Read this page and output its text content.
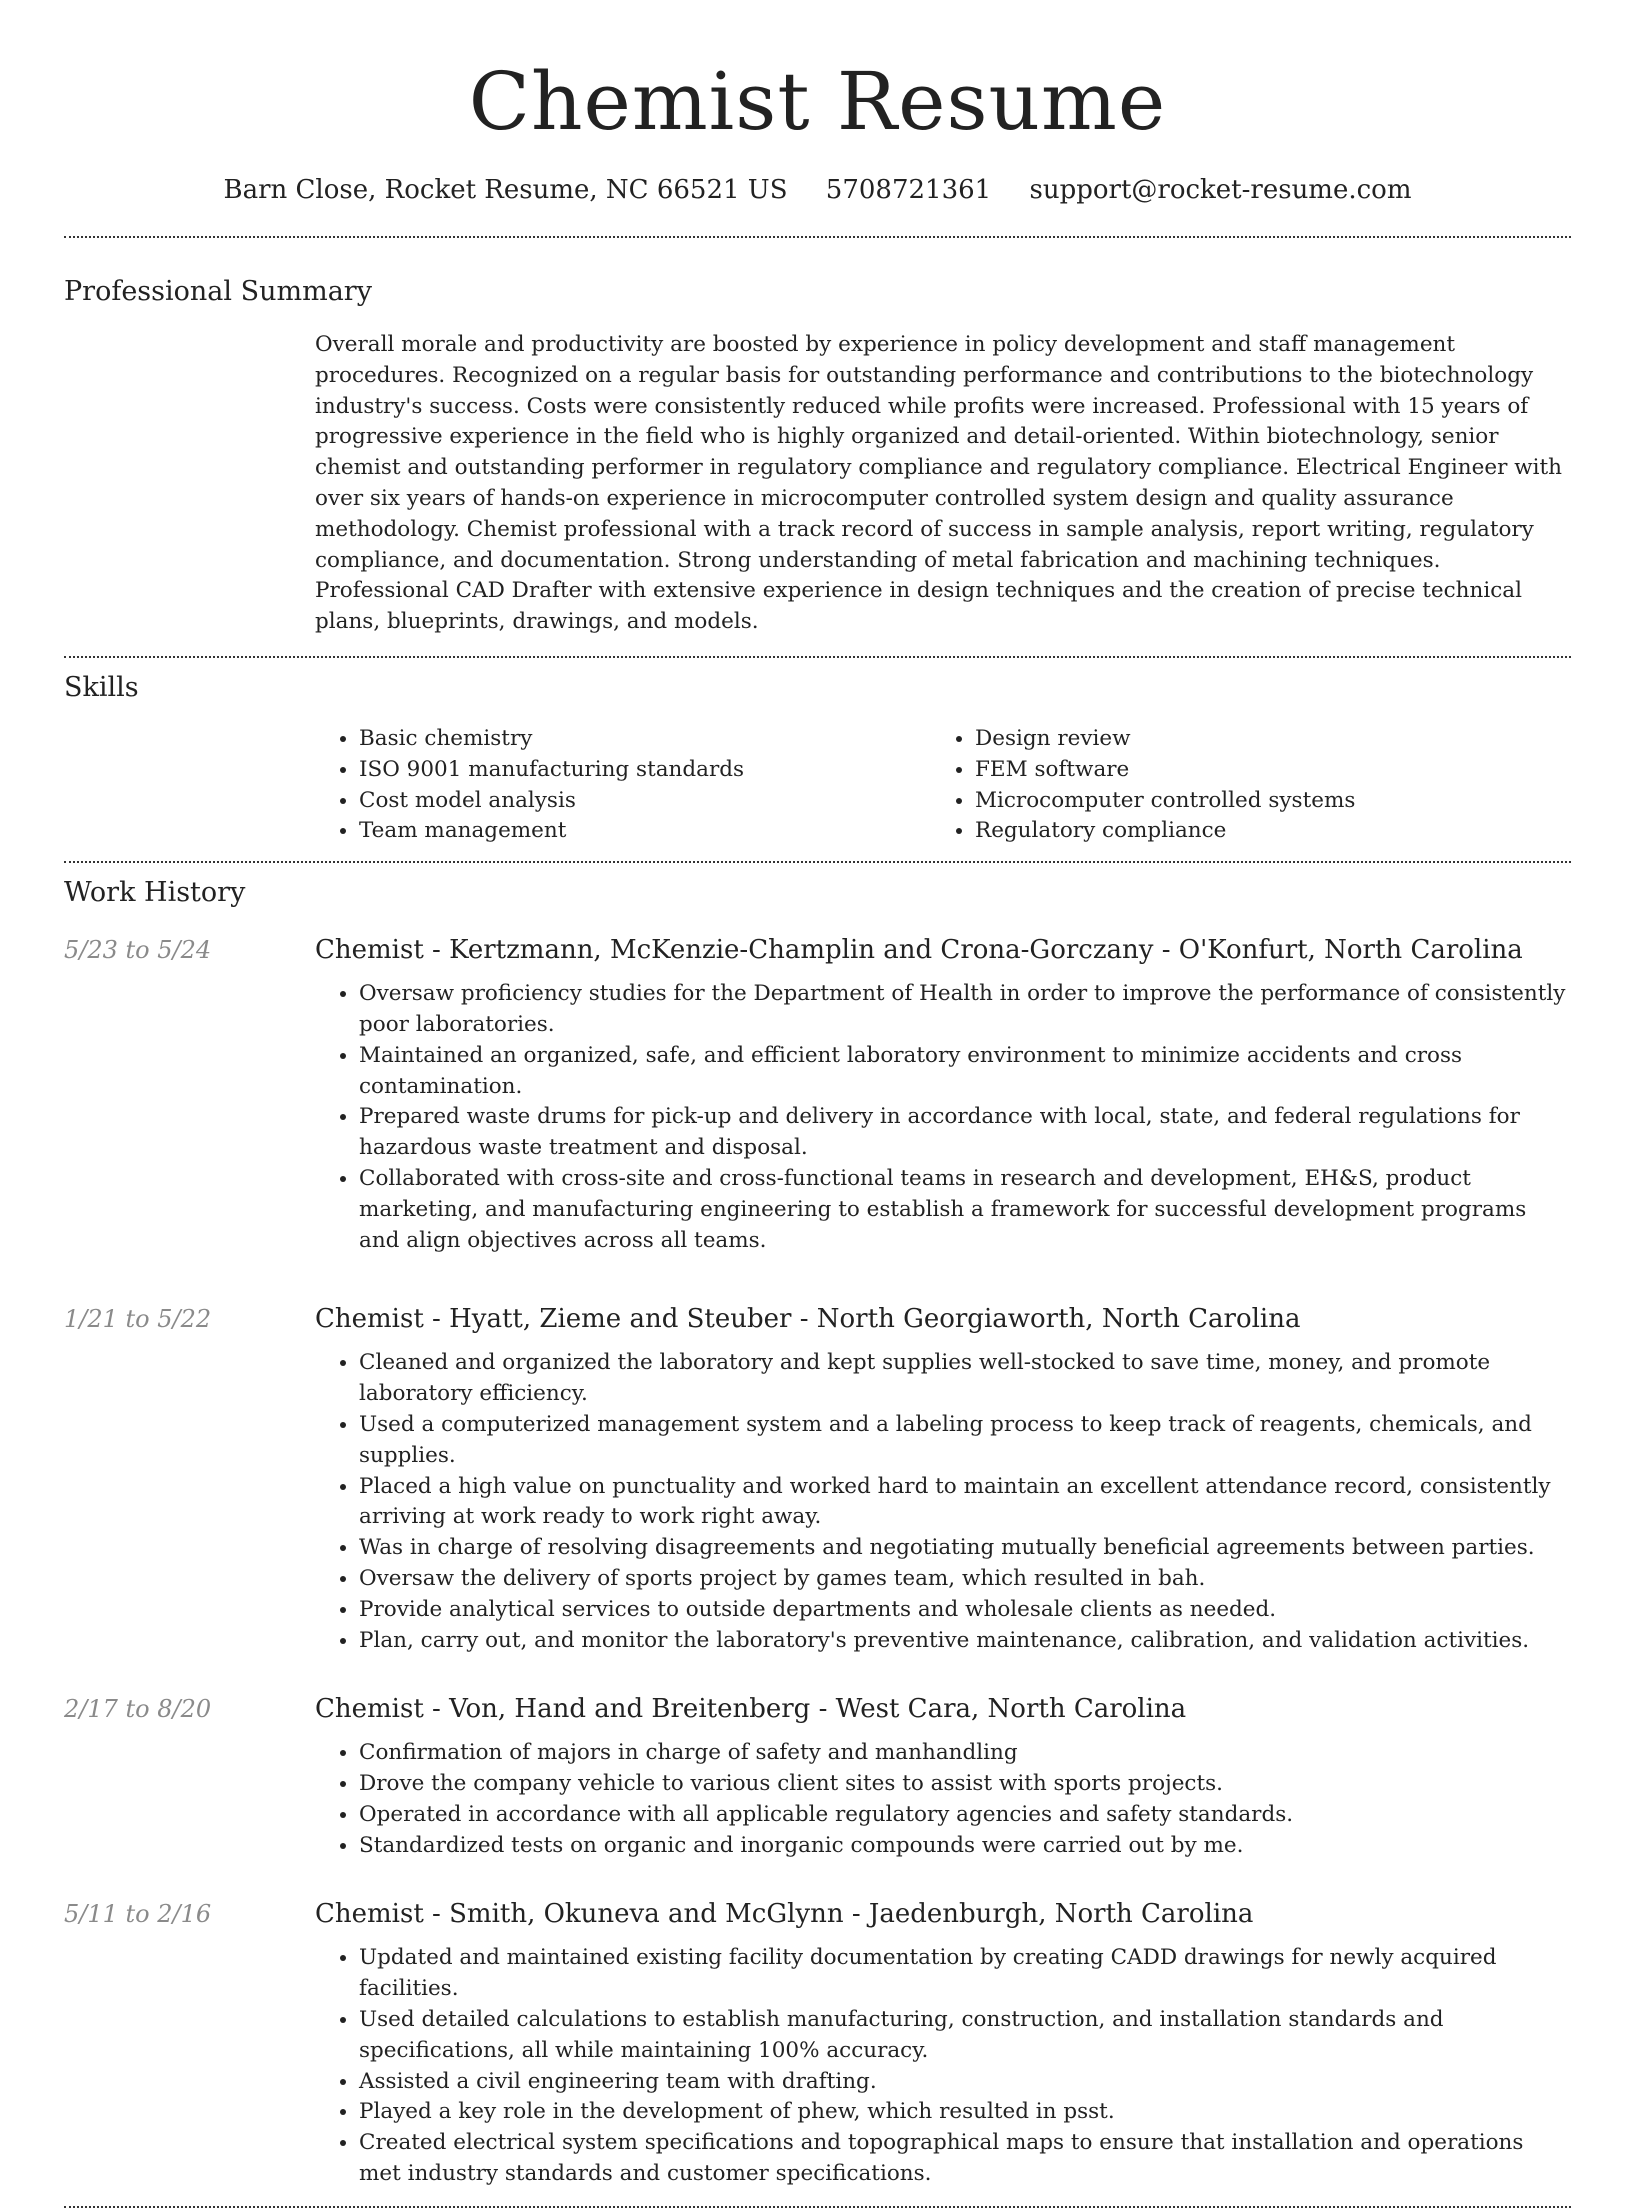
Chemist Resume
Barn Close, Rocket Resume, NC 66521 US 5708721361 support@rocket-resume.com
Professional Summary
Overall morale and productivity are boosted by experience in policy development and staff management procedures. Recognized on a regular basis for outstanding performance and contributions to the biotechnology industry's success. Costs were consistently reduced while profits were increased. Professional with 15 years of progressive experience in the field who is highly organized and detail-oriented. Within biotechnology, senior chemist and outstanding performer in regulatory compliance and regulatory compliance. Electrical Engineer with over six years of hands-on experience in microcomputer controlled system design and quality assurance methodology. Chemist professional with a track record of success in sample analysis, report writing, regulatory compliance, and documentation. Strong understanding of metal fabrication and machining techniques. Professional CAD Drafter with extensive experience in design techniques and the creation of precise technical plans, blueprints, drawings, and models.
Skills
• Basic chemistry
• ISO 9001 manufacturing standards
• Cost model analysis
• Team management
• Design review
• FEM software
• Microcomputer controlled systems
• Regulatory compliance
Work History
5/23 to 5/24	Chemist - Kertzmann, McKenzie-Champlin and Crona-Gorczany - O'Konfurt, North Carolina
• Oversaw proficiency studies for the Department of Health in order to improve the performance of consistently poor laboratories.
• Maintained an organized, safe, and efficient laboratory environment to minimize accidents and cross contamination.
• Prepared waste drums for pick-up and delivery in accordance with local, state, and federal regulations for hazardous waste treatment and disposal.
• Collaborated with cross-site and cross-functional teams in research and development, EH&S, product marketing, and manufacturing engineering to establish a framework for successful development programs and align objectives across all teams.
1/21 to 5/22	Chemist - Hyatt, Zieme and Steuber - North Georgiaworth, North Carolina
• Cleaned and organized the laboratory and kept supplies well-stocked to save time, money, and promote laboratory efficiency.
• Used a computerized management system and a labeling process to keep track of reagents, chemicals, and supplies.
• Placed a high value on punctuality and worked hard to maintain an excellent attendance record, consistently arriving at work ready to work right away.
• Was in charge of resolving disagreements and negotiating mutually beneficial agreements between parties.
• Oversaw the delivery of sports project by games team, which resulted in bah.
• Provide analytical services to outside departments and wholesale clients as needed.
• Plan, carry out, and monitor the laboratory's preventive maintenance, calibration, and validation activities.
2/17 to 8/20	Chemist - Von, Hand and Breitenberg - West Cara, North Carolina
• Confirmation of majors in charge of safety and manhandling
• Drove the company vehicle to various client sites to assist with sports projects.
• Operated in accordance with all applicable regulatory agencies and safety standards.
• Standardized tests on organic and inorganic compounds were carried out by me.
5/11 to 2/16	Chemist - Smith, Okuneva and McGlynn - Jaedenburgh, North Carolina
• Updated and maintained existing facility documentation by creating CADD drawings for newly acquired facilities.
• Used detailed calculations to establish manufacturing, construction, and installation standards and specifications, all while maintaining 100% accuracy.
• Assisted a civil engineering team with drafting.
• Played a key role in the development of phew, which resulted in psst.
• Created electrical system specifications and topographical maps to ensure that installation and operations met industry standards and customer specifications.
